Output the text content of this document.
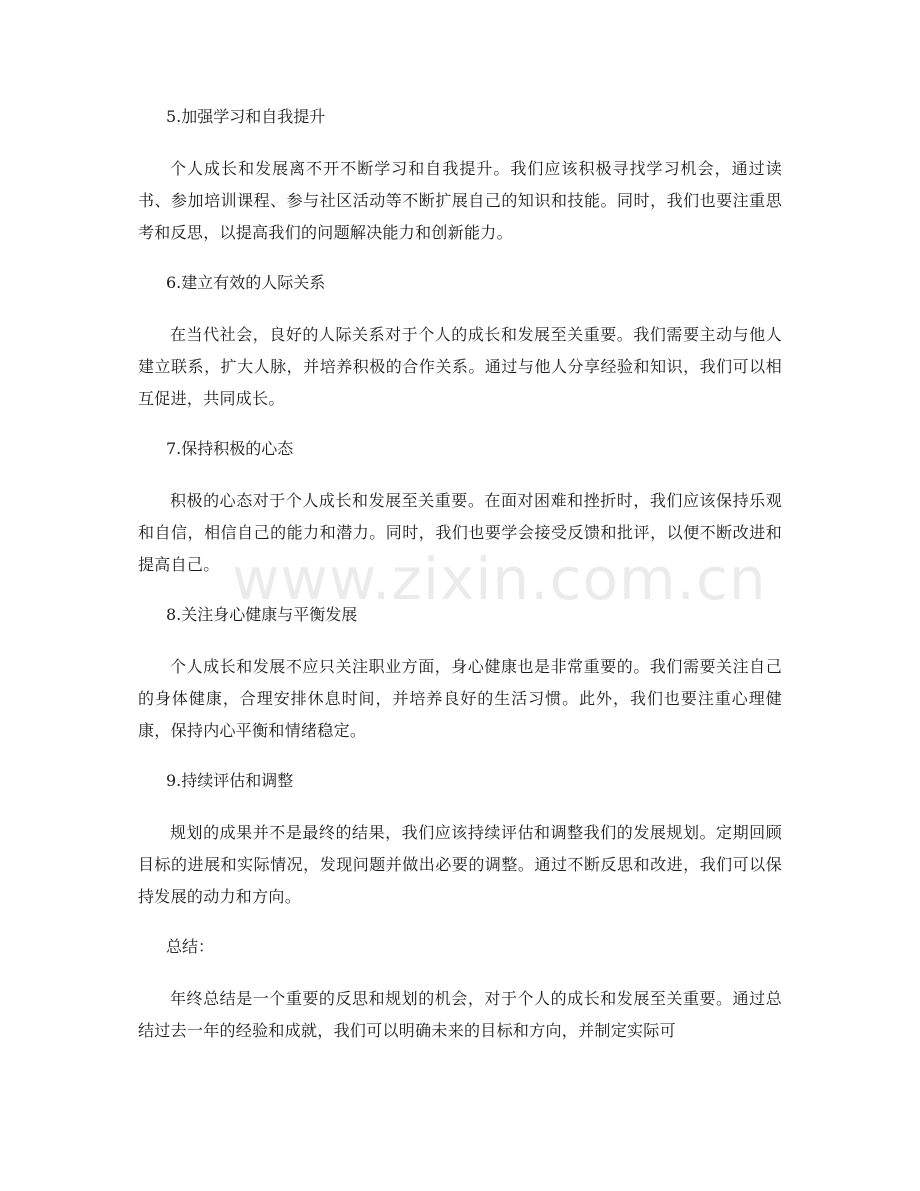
5.加强学习和自我提升

个人成长和发展离不开不断学习和自我提升。我们应该积极寻找学习机会，通过读书、参加培训课程、参与社区活动等不断扩展自己的知识和技能。同时，我们也要注重思考和反思，以提高我们的问题解决能力和创新能力。

6.建立有效的人际关系

在当代社会，良好的人际关系对于个人的成长和发展至关重要。我们需要主动与他人建立联系，扩大人脉，并培养积极的合作关系。通过与他人分享经验和知识，我们可以相互促进，共同成长。

7.保持积极的心态

积极的心态对于个人成长和发展至关重要。在面对困难和挫折时，我们应该保持乐观和自信，相信自己的能力和潜力。同时，我们也要学会接受反馈和批评，以便不断改进和提高自己。

8.关注身心健康与平衡发展

个人成长和发展不应只关注职业方面，身心健康也是非常重要的。我们需要关注自己的身体健康，合理安排休息时间，并培养良好的生活习惯。此外，我们也要注重心理健康，保持内心平衡和情绪稳定。

9.持续评估和调整

规划的成果并不是最终的结果，我们应该持续评估和调整我们的发展规划。定期回顾目标的进展和实际情况，发现问题并做出必要的调整。通过不断反思和改进，我们可以保持发展的动力和方向。

总结：

年终总结是一个重要的反思和规划的机会，对于个人的成长和发展至关重要。通过总结过去一年的经验和成就，我们可以明确未来的目标和方向，并制定实际可

www.zixin.com.cn
